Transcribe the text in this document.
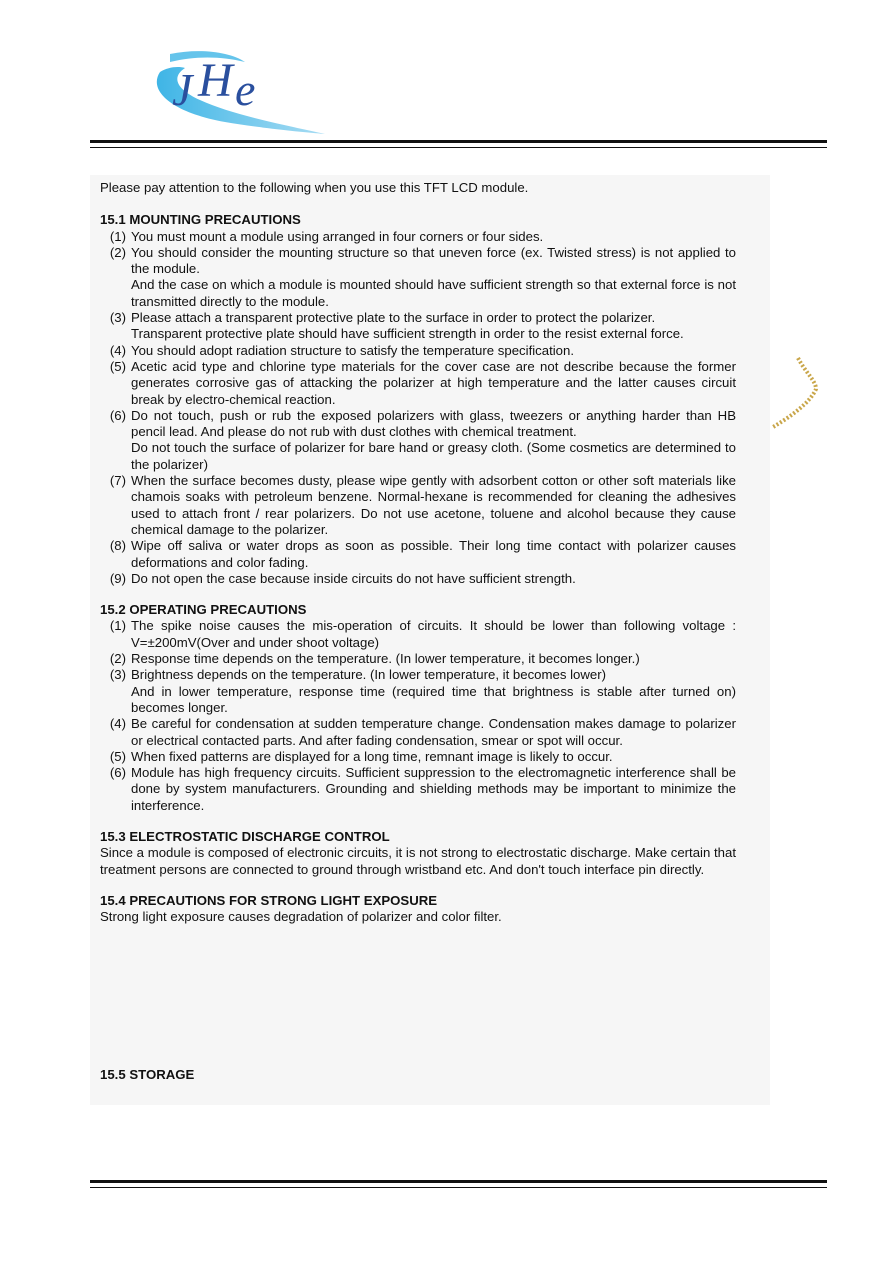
J H e

Please pay attention to the following when you use this TFT LCD module.

15.1 MOUNTING PRECAUTIONS

(1) You must mount a module using arranged in four corners or four sides.

(2) You should consider the mounting structure so that uneven force (ex. Twisted stress) is not applied to the module.

And the case on which a module is mounted should have sufficient strength so that external force is not transmitted directly to the module.

(3) Please attach a transparent protective plate to the surface in order to protect the polarizer.

Transparent protective plate should have sufficient strength in order to the resist external force.

(4) You should adopt radiation structure to satisfy the temperature specification.

(5) Acetic acid type and chlorine type materials for the cover case are not describe because the former generates corrosive gas of attacking the polarizer at high temperature and the latter causes circuit break by electro-chemical reaction.

(6) Do not touch, push or rub the exposed polarizers with glass, tweezers or anything harder than HB pencil lead. And please do not rub with dust clothes with chemical treatment.

Do not touch the surface of polarizer for bare hand or greasy cloth. (Some cosmetics are determined to the polarizer)

(7) When the surface becomes dusty, please wipe gently with adsorbent cotton or other soft materials like chamois soaks with petroleum benzene. Normal-hexane is recommended for cleaning the adhesives used to attach front / rear polarizers. Do not use acetone, toluene and alcohol because they cause chemical damage to the polarizer.

(8) Wipe off saliva or water drops as soon as possible. Their long time contact with polarizer causes deformations and color fading.

(9) Do not open the case because inside circuits do not have sufficient strength.

15.2 OPERATING PRECAUTIONS

(1) The spike noise causes the mis-operation of circuits. It should be lower than following voltage : V=±200mV(Over and under shoot voltage)

(2) Response time depends on the temperature. (In lower temperature, it becomes longer.)

(3) Brightness depends on the temperature. (In lower temperature, it becomes lower)

And in lower temperature, response time (required time that brightness is stable after turned on) becomes longer.

(4) Be careful for condensation at sudden temperature change. Condensation makes damage to polarizer or electrical contacted parts. And after fading condensation, smear or spot will occur.

(5) When fixed patterns are displayed for a long time, remnant image is likely to occur.

(6) Module has high frequency circuits. Sufficient suppression to the electromagnetic interference shall be done by system manufacturers. Grounding and shielding methods may be important to minimize the interference.

15.3 ELECTROSTATIC DISCHARGE CONTROL

Since a module is composed of electronic circuits, it is not strong to electrostatic discharge. Make certain that treatment persons are connected to ground through wristband etc. And don't touch interface pin directly.

15.4 PRECAUTIONS FOR STRONG LIGHT EXPOSURE

Strong light exposure causes degradation of polarizer and color filter.

15.5 STORAGE
